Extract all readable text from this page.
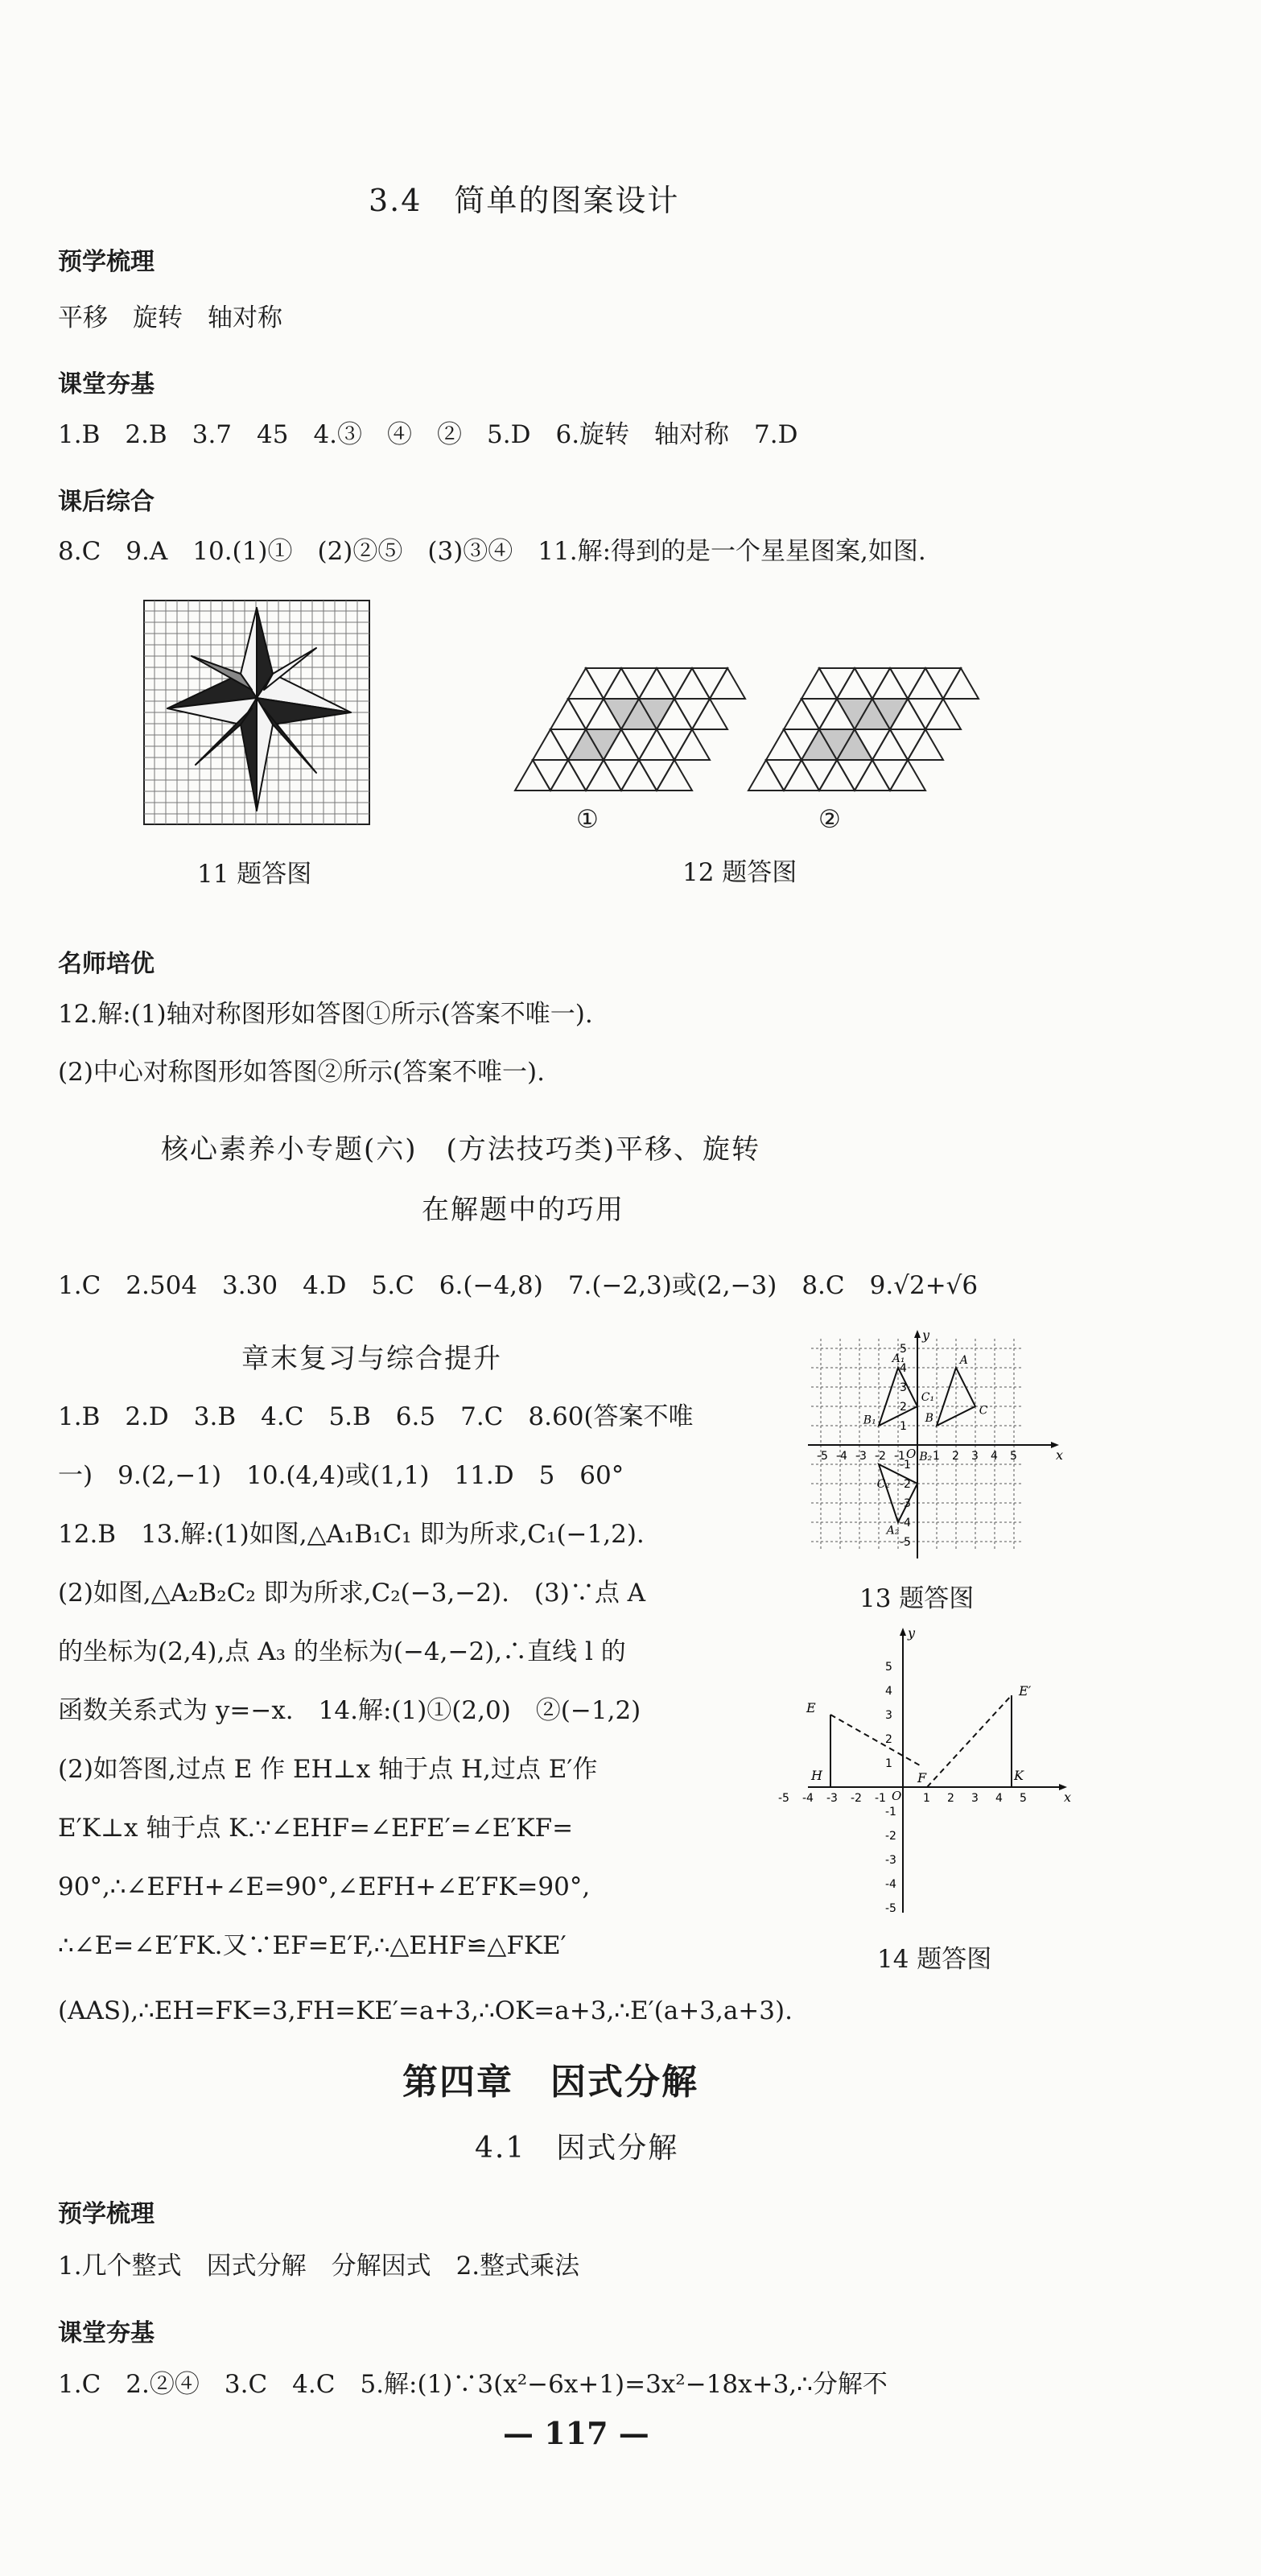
3.4　简单的图案设计
预学梳理
平移　旋转　轴对称
课堂夯基
1.B　2.B　3.7　45　4.③　④　②　5.D　6.旋转　轴对称　7.D
课后综合
8.C　9.A　10.(1)①　(2)②⑤　(3)③④　11.解:得到的是一个星星图案,如图.
11 题答图
①	②
12 题答图
名师培优
12.解:(1)轴对称图形如答图①所示(答案不唯一).
(2)中心对称图形如答图②所示(答案不唯一).
核心素养小专题(六)　(方法技巧类)平移、旋转
在解题中的巧用
1.C　2.504　3.30　4.D　5.C　6.(−4,8)　7.(−2,3)或(2,−3)　8.C　9.√2+√6
章末复习与综合提升
1.B　2.D　3.B　4.C　5.B　6.5　7.C　8.60(答案不唯
一)　9.(2,−1)　10.(4,4)或(1,1)　11.D　5　60°
12.B　13.解:(1)如图,△A₁B₁C₁ 即为所求,C₁(−1,2).
(2)如图,△A₂B₂C₂ 即为所求,C₂(−3,−2).　(3)∵点 A
的坐标为(2,4),点 A₃ 的坐标为(−4,−2),∴直线 l 的
函数关系式为 y=−x.　14.解:(1)①(2,0)　②(−1,2)
(2)如答图,过点 E 作 EH⊥x 轴于点 H,过点 E′作
E′K⊥x 轴于点 K.∵∠EHF=∠EFE′=∠E′KF=
90°,∴∠EFH+∠E=90°,∠EFH+∠E′FK=90°,
∴∠E=∠E′FK.又∵EF=E′F,∴△EHF≌△FKE′
(AAS),∴EH=FK=3,FH=KE′=a+3,∴OK=a+3,∴E′(a+3,a+3).
x
y
O
-5 -4 -3 -2 -1 1 2 3 4 5
5
4
3
2
1
-1
-2
-3
-4
-5
A
B
C
A₁
B₁
C₁
A₂
B₂
C₂
13 题答图
x
y
O
-5 -4 -3 -2 -1	1 2 3 4 5
5
4
3
2
1
-1
-2
-3
-4
-5
E
E′
H	F	K
14 题答图
第四章　因式分解
4.1　因式分解
预学梳理
1.几个整式　因式分解　分解因式　2.整式乘法
课堂夯基
1.C　2.②④　3.C　4.C　5.解:(1)∵3(x²−6x+1)=3x²−18x+3,∴分解不
— 117 —
